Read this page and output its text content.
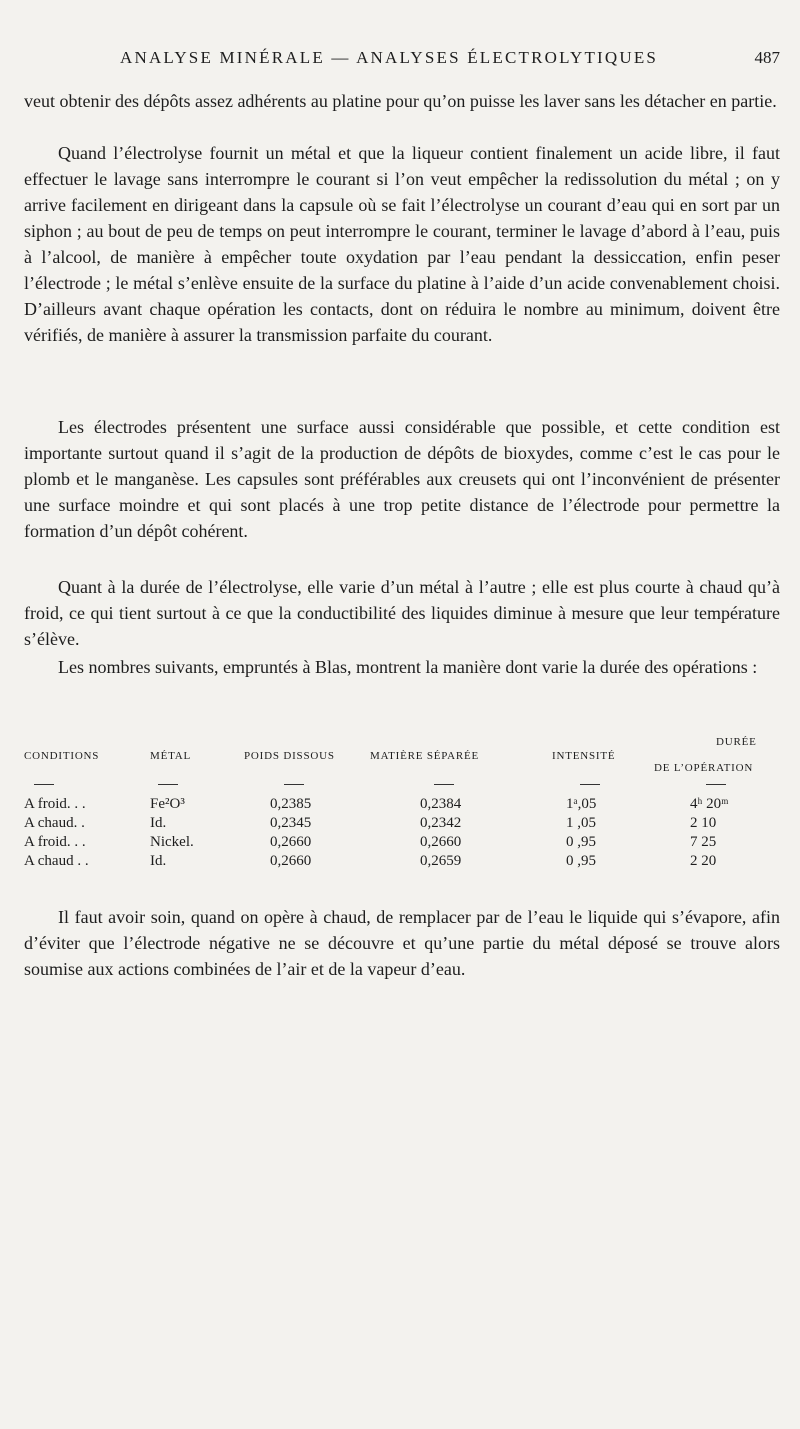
ANALYSE MINÉRALE — ANALYSES ÉLECTROLYTIQUES	487

veut obtenir des dépôts assez adhérents au platine pour qu’on puisse les laver sans les détacher en partie.

Quand l’électrolyse fournit un métal et que la liqueur contient finalement un acide libre, il faut effectuer le lavage sans interrompre le courant si l’on veut empêcher la redissolution du métal ; on y arrive facilement en dirigeant dans la capsule où se fait l’électrolyse un courant d’eau qui en sort par un siphon ; au bout de peu de temps on peut interrompre le courant, terminer le lavage d’abord à l’eau, puis à l’alcool, de manière à empêcher toute oxydation par l’eau pendant la dessiccation, enfin peser l’électrode ; le métal s’enlève ensuite de la surface du platine à l’aide d’un acide convenablement choisi. D’ailleurs avant chaque opération les contacts, dont on réduira le nombre au minimum, doivent être vérifiés, de manière à assurer la transmission parfaite du courant.

Les électrodes présentent une surface aussi considérable que possible, et cette condition est importante surtout quand il s’agit de la production de dépôts de bioxydes, comme c’est le cas pour le plomb et le manganèse. Les capsules sont préférables aux creusets qui ont l’inconvénient de présenter une surface moindre et qui sont placés à une trop petite distance de l’électrode pour permettre la formation d’un dépôt cohérent.

Quant à la durée de l’électrolyse, elle varie d’un métal à l’autre ; elle est plus courte à chaud qu’à froid, ce qui tient surtout à ce que la conductibilité des liquides diminue à mesure que leur température s’élève.

Les nombres suivants, empruntés à Blas, montrent la manière dont varie la durée des opérations :

CONDITIONS	MÉTAL	POIDS DISSOUS	MATIÈRE SÉPARÉE	INTENSITÉ
DURÉE
DE L’OPÉRATION
A froid. . .	Fe²O³	0,2385	0,2384	1ᵃ,05	4ʰ 20ᵐ
A chaud. .	Id.	0,2345	0,2342	1 ,05	2 10
A froid. . .	Nickel.	0,2660	0,2660	0 ,95	7 25
A chaud . .	Id.	0,2660	0,2659	0 ,95	2 20

Il faut avoir soin, quand on opère à chaud, de remplacer par de l’eau le liquide qui s’évapore, afin d’éviter que l’électrode négative ne se découvre et qu’une partie du métal déposé se trouve alors soumise aux actions combinées de l’air et de la vapeur d’eau.
